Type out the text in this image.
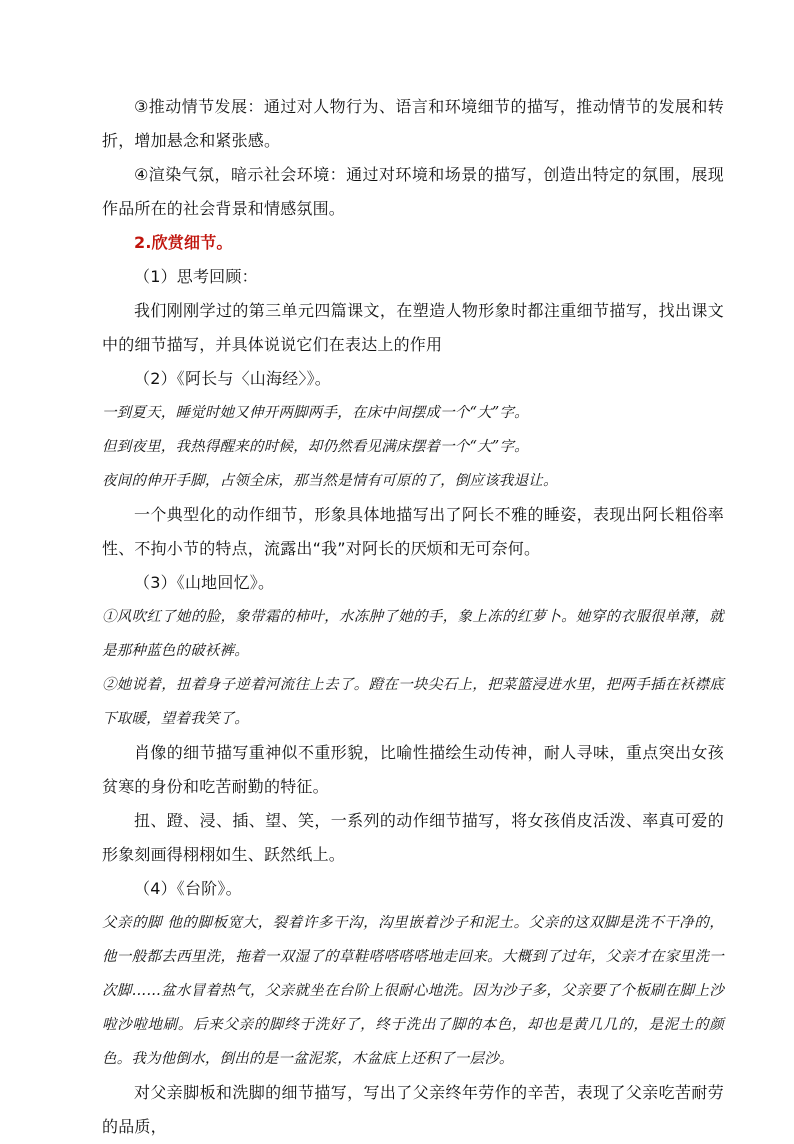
③推动情节发展：通过对人物行为、语言和环境细节的描写，推动情节的发展和转折，增加悬念和紧张感。

④渲染气氛，暗示社会环境：通过对环境和场景的描写，创造出特定的氛围，展现作品所在的社会背景和情感氛围。

2.欣赏细节。

（1）思考回顾：

我们刚刚学过的第三单元四篇课文，在塑造人物形象时都注重细节描写，找出课文中的细节描写，并具体说说它们在表达上的作用

（2）《阿长与〈山海经〉》。

一到夏天，睡觉时她又伸开两脚两手，在床中间摆成一个“大”字。

但到夜里，我热得醒来的时候，却仍然看见满床摆着一个“大”字。

夜间的伸开手脚，占领全床，那当然是情有可原的了，倒应该我退让。

一个典型化的动作细节，形象具体地描写出了阿长不雅的睡姿，表现出阿长粗俗率性、不拘小节的特点，流露出“我”对阿长的厌烦和无可奈何。

（3）《山地回忆》。

①风吹红了她的脸，象带霜的柿叶，水冻肿了她的手，象上冻的红萝卜。她穿的衣服很单薄，就是那种蓝色的破袄裤。

②她说着，扭着身子逆着河流往上去了。蹬在一块尖石上，把菜篮浸进水里，把两手插在袄襟底下取暖，望着我笑了。

肖像的细节描写重神似不重形貌，比喻性描绘生动传神，耐人寻味，重点突出女孩贫寒的身份和吃苦耐勤的特征。

扭、蹬、浸、插、望、笑，一系列的动作细节描写，将女孩俏皮活泼、率真可爱的形象刻画得栩栩如生、跃然纸上。

（4）《台阶》。

父亲的脚 他的脚板宽大，裂着许多干沟，沟里嵌着沙子和泥土。父亲的这双脚是洗不干净的，他一般都去西里洗，拖着一双湿了的草鞋嗒嗒嗒嗒地走回来。大概到了过年，父亲才在家里洗一次脚……盆水冒着热气，父亲就坐在台阶上很耐心地洗。因为沙子多，父亲要了个板刷在脚上沙啦沙啦地刷。后来父亲的脚终于洗好了，终于洗出了脚的本色，却也是黄几几的，是泥土的颜色。我为他倒水，倒出的是一盆泥浆，木盆底上还积了一层沙。

对父亲脚板和洗脚的细节描写，写出了父亲终年劳作的辛苦，表现了父亲吃苦耐劳的品质，
